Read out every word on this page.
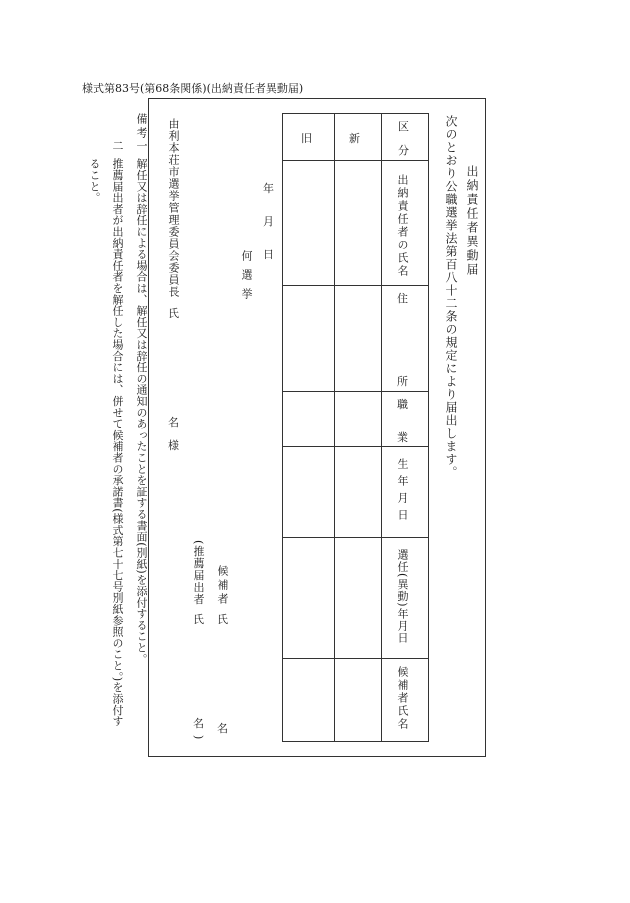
様式第83号(第68条関係)(出納責任者異動届)
出納責任者異動届
次のとおり公職選挙法第百八十二条の規定により届出します。
区
分
新
旧
出納責任者の氏名
住
所
職
業
生年月日
選任(異動)年月日
候補者氏名
年
月
日
何選挙
候補者
氏
名
(推薦届出者
氏
名
)
由利本荘市選挙管理委員会委員長
氏
名
様
備考
一
解任又は辞任による場合は、解任又は辞任の通知のあったことを証する書面(別紙)を添付すること。
二
推薦届出者が出納責任者を解任した場合には、併せて候補者の承諾書(様式第七十七号別紙参照のこと。)を添付す
ること。
